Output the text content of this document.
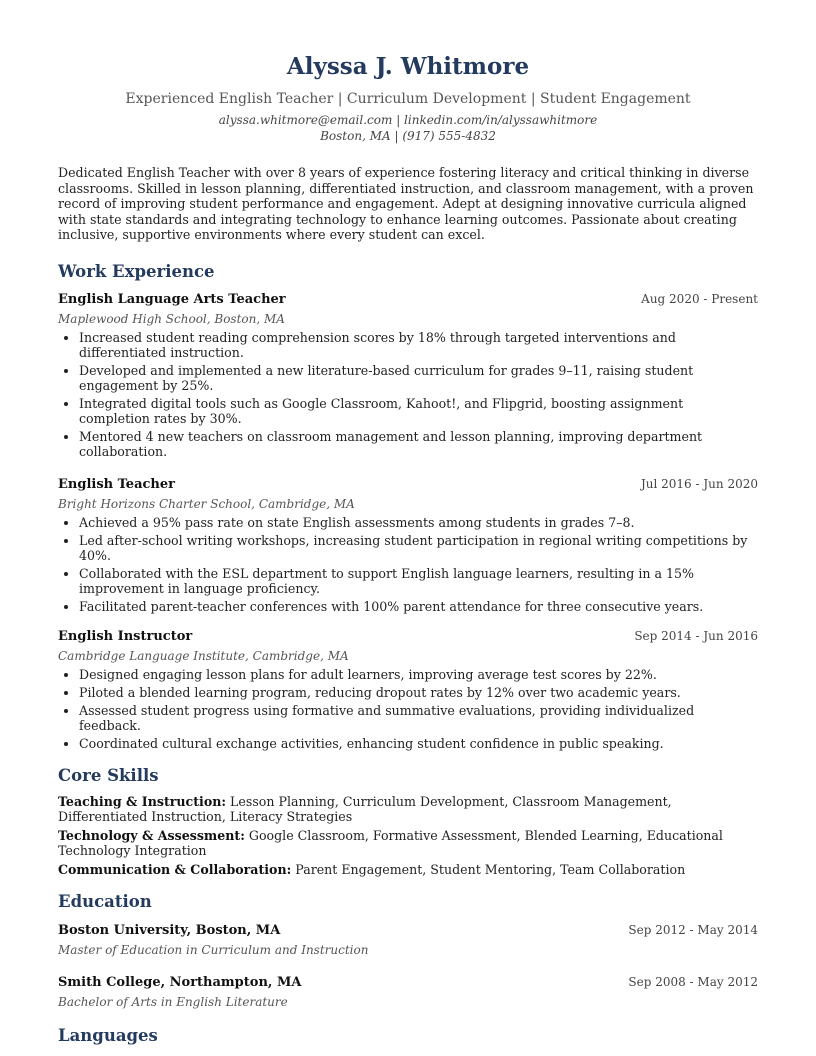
Alyssa J. Whitmore
Experienced English Teacher | Curriculum Development | Student Engagement
alyssa.whitmore@email.com | linkedin.com/in/alyssawhitmore
Boston, MA | (917) 555-4832
Dedicated English Teacher with over 8 years of experience fostering literacy and critical thinking in diverse classrooms. Skilled in lesson planning, differentiated instruction, and classroom management, with a proven record of improving student performance and engagement. Adept at designing innovative curricula aligned with state standards and integrating technology to enhance learning outcomes. Passionate about creating inclusive, supportive environments where every student can excel.
Work Experience
English Language Arts Teacher	Aug 2020 - Present
Maplewood High School, Boston, MA
• Increased student reading comprehension scores by 18% through targeted interventions and differentiated instruction.
• Developed and implemented a new literature-based curriculum for grades 9–11, raising student engagement by 25%.
• Integrated digital tools such as Google Classroom, Kahoot!, and Flipgrid, boosting assignment completion rates by 30%.
• Mentored 4 new teachers on classroom management and lesson planning, improving department collaboration.
English Teacher	Jul 2016 - Jun 2020
Bright Horizons Charter School, Cambridge, MA
• Achieved a 95% pass rate on state English assessments among students in grades 7–8.
• Led after-school writing workshops, increasing student participation in regional writing competitions by 40%.
• Collaborated with the ESL department to support English language learners, resulting in a 15% improvement in language proficiency.
• Facilitated parent-teacher conferences with 100% parent attendance for three consecutive years.
English Instructor	Sep 2014 - Jun 2016
Cambridge Language Institute, Cambridge, MA
• Designed engaging lesson plans for adult learners, improving average test scores by 22%.
• Piloted a blended learning program, reducing dropout rates by 12% over two academic years.
• Assessed student progress using formative and summative evaluations, providing individualized feedback.
• Coordinated cultural exchange activities, enhancing student confidence in public speaking.
Core Skills
Teaching & Instruction: Lesson Planning, Curriculum Development, Classroom Management, Differentiated Instruction, Literacy Strategies
Technology & Assessment: Google Classroom, Formative Assessment, Blended Learning, Educational Technology Integration
Communication & Collaboration: Parent Engagement, Student Mentoring, Team Collaboration
Education
Boston University, Boston, MA	Sep 2012 - May 2014
Master of Education in Curriculum and Instruction
Smith College, Northampton, MA	Sep 2008 - May 2012
Bachelor of Arts in English Literature
Languages
